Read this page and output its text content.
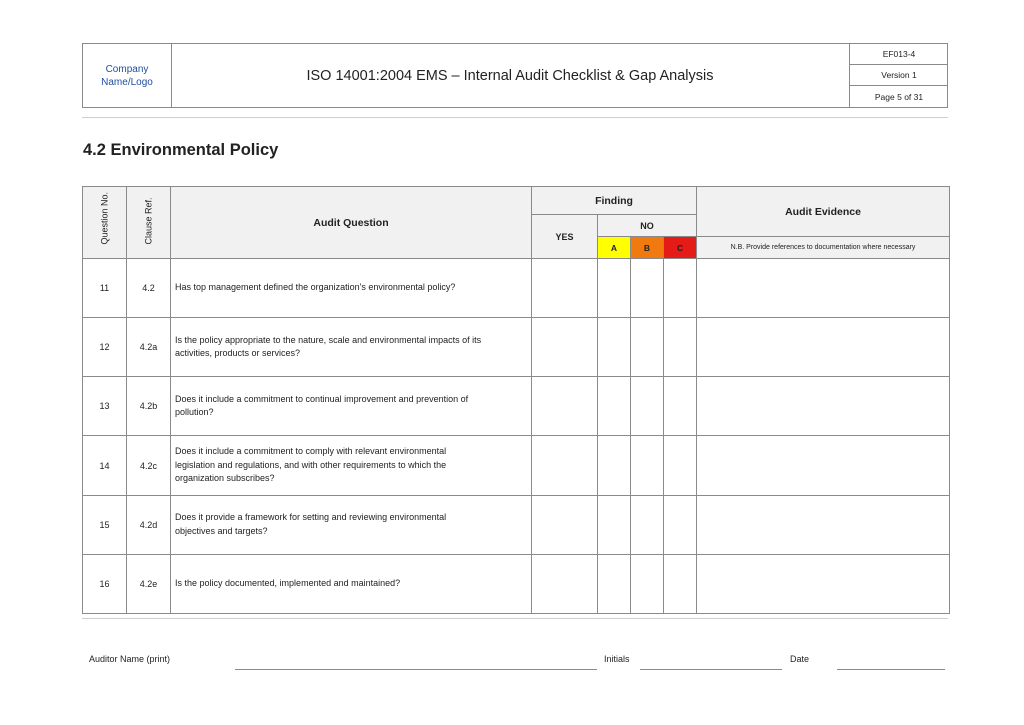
Company
Name/Logo	ISO 14001:2004 EMS – Internal Audit Checklist & Gap Analysis
EF013-4
Version 1
Page 5 of 31
4.2 Environmental Policy
Question No.	Clause Ref.	Audit Question	Finding				Audit Evidence
			YES	NO			
				A	B	C	N.B. Provide references to documentation where necessary
11	4.2	Has top management defined the organization's environmental policy?					

12	4.2a	Is the policy appropriate to the nature, scale and environmental impacts of its
activities, products or services?					

13	4.2b	Does it include a commitment to continual improvement and prevention of
pollution?					

14	4.2c	Does it include a commitment to comply with relevant environmental
legislation and regulations, and with other requirements to which the
organization subscribes?					

15	4.2d	Does it provide a framework for setting and reviewing environmental
objectives and targets?					

16	4.2e	Is the policy documented, implemented and maintained?					

Auditor Name (print)	Initials	Date
